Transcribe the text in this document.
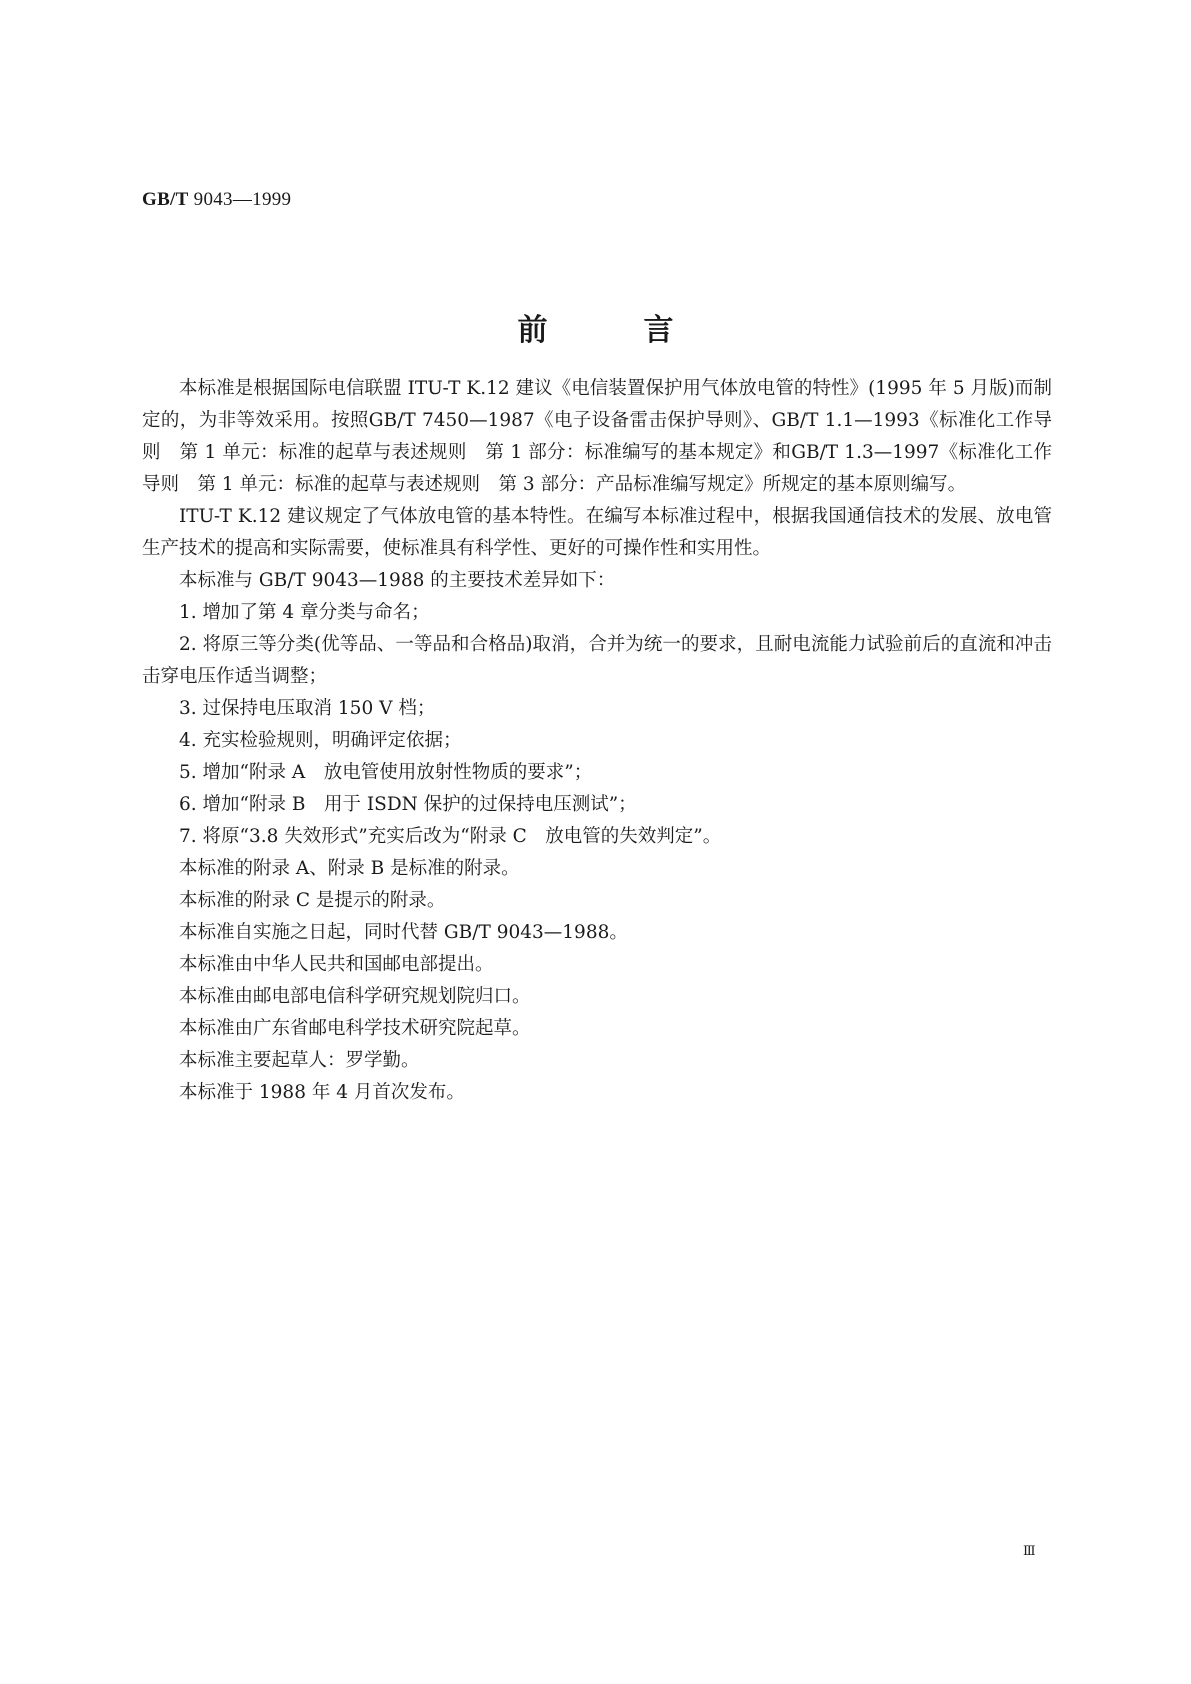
GB/T 9043—1999
前	言

本标准是根据国际电信联盟 ITU-T K.12 建议《电信装置保护用气体放电管的特性》(1995 年 5 月版)而制定的，为非等效采用。按照GB/T 7450—1987《电子设备雷击保护导则》、GB/T 1.1—1993《标准化工作导则　第 1 单元：标准的起草与表述规则　第 1 部分：标准编写的基本规定》和GB/T 1.3—1997《标准化工作导则　第 1 单元：标准的起草与表述规则　第 3 部分：产品标准编写规定》所规定的基本原则编写。

ITU-T K.12 建议规定了气体放电管的基本特性。在编写本标准过程中，根据我国通信技术的发展、放电管生产技术的提高和实际需要，使标准具有科学性、更好的可操作性和实用性。

本标准与 GB/T 9043—1988 的主要技术差异如下：

1. 增加了第 4 章分类与命名；

2. 将原三等分类(优等品、一等品和合格品)取消，合并为统一的要求，且耐电流能力试验前后的直流和冲击击穿电压作适当调整；

3. 过保持电压取消 150 V 档；

4. 充实检验规则，明确评定依据；

5. 增加“附录 A　放电管使用放射性物质的要求”；

6. 增加“附录 B　用于 ISDN 保护的过保持电压测试”；

7. 将原“3.8 失效形式”充实后改为“附录 C　放电管的失效判定”。

本标准的附录 A、附录 B 是标准的附录。

本标准的附录 C 是提示的附录。

本标准自实施之日起，同时代替 GB/T 9043—1988。

本标准由中华人民共和国邮电部提出。

本标准由邮电部电信科学研究规划院归口。

本标准由广东省邮电科学技术研究院起草。

本标准主要起草人：罗学勤。

本标准于 1988 年 4 月首次发布。

Ⅲ
